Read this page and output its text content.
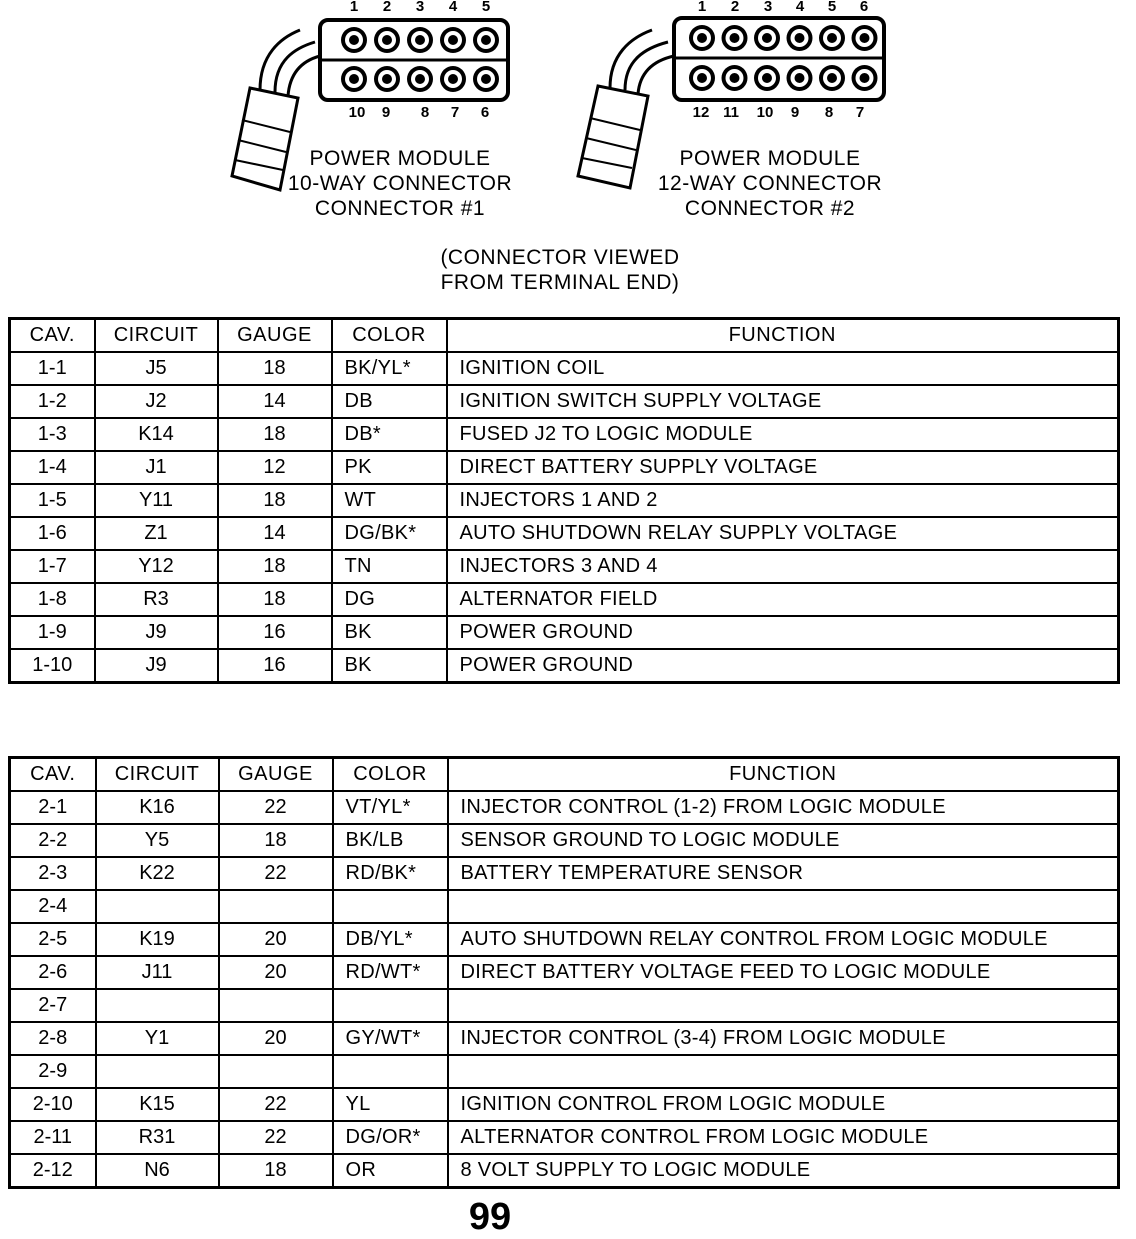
1	2	3	4	5
10	9	8	7	6
POWER MODULE
10-WAY CONNECTOR
CONNECTOR #1
1	2	3	4	5	6
12 11 10	9	8	7
POWER MODULE
12-WAY CONNECTOR
CONNECTOR #2
(CONNECTOR VIEWED
FROM TERMINAL END)
CAV.	CIRCUIT	GAUGE	COLOR	FUNCTION
1-1	J5	18	BK/YL*	IGNITION COIL
1-2	J2	14	DB	IGNITION SWITCH SUPPLY VOLTAGE
1-3	K14	18	DB*	FUSED J2 TO LOGIC MODULE
1-4	J1	12	PK	DIRECT BATTERY SUPPLY VOLTAGE
1-5	Y11	18	WT	INJECTORS 1 AND 2
1-6	Z1	14	DG/BK*	AUTO SHUTDOWN RELAY SUPPLY VOLTAGE
1-7	Y12	18	TN	INJECTORS 3 AND 4
1-8	R3	18	DG	ALTERNATOR FIELD
1-9	J9	16	BK	POWER GROUND
1-10	J9	16	BK	POWER GROUND
CAV.	CIRCUIT	GAUGE	COLOR	FUNCTION
2-1	K16	22	VT/YL*	INJECTOR CONTROL (1-2) FROM LOGIC MODULE
2-2	Y5	18	BK/LB	SENSOR GROUND TO LOGIC MODULE
2-3	K22	22	RD/BK*	BATTERY TEMPERATURE SENSOR
2-4				
2-5	K19	20	DB/YL*	AUTO SHUTDOWN RELAY CONTROL FROM LOGIC MODULE
2-6	J11	20	RD/WT*	DIRECT BATTERY VOLTAGE FEED TO LOGIC MODULE
2-7				
2-8	Y1	20	GY/WT*	INJECTOR CONTROL (3-4) FROM LOGIC MODULE
2-9				
2-10	K15	22	YL	IGNITION CONTROL FROM LOGIC MODULE
2-11	R31	22	DG/OR*	ALTERNATOR CONTROL FROM LOGIC MODULE
2-12	N6	18	OR	8 VOLT SUPPLY TO LOGIC MODULE
99
